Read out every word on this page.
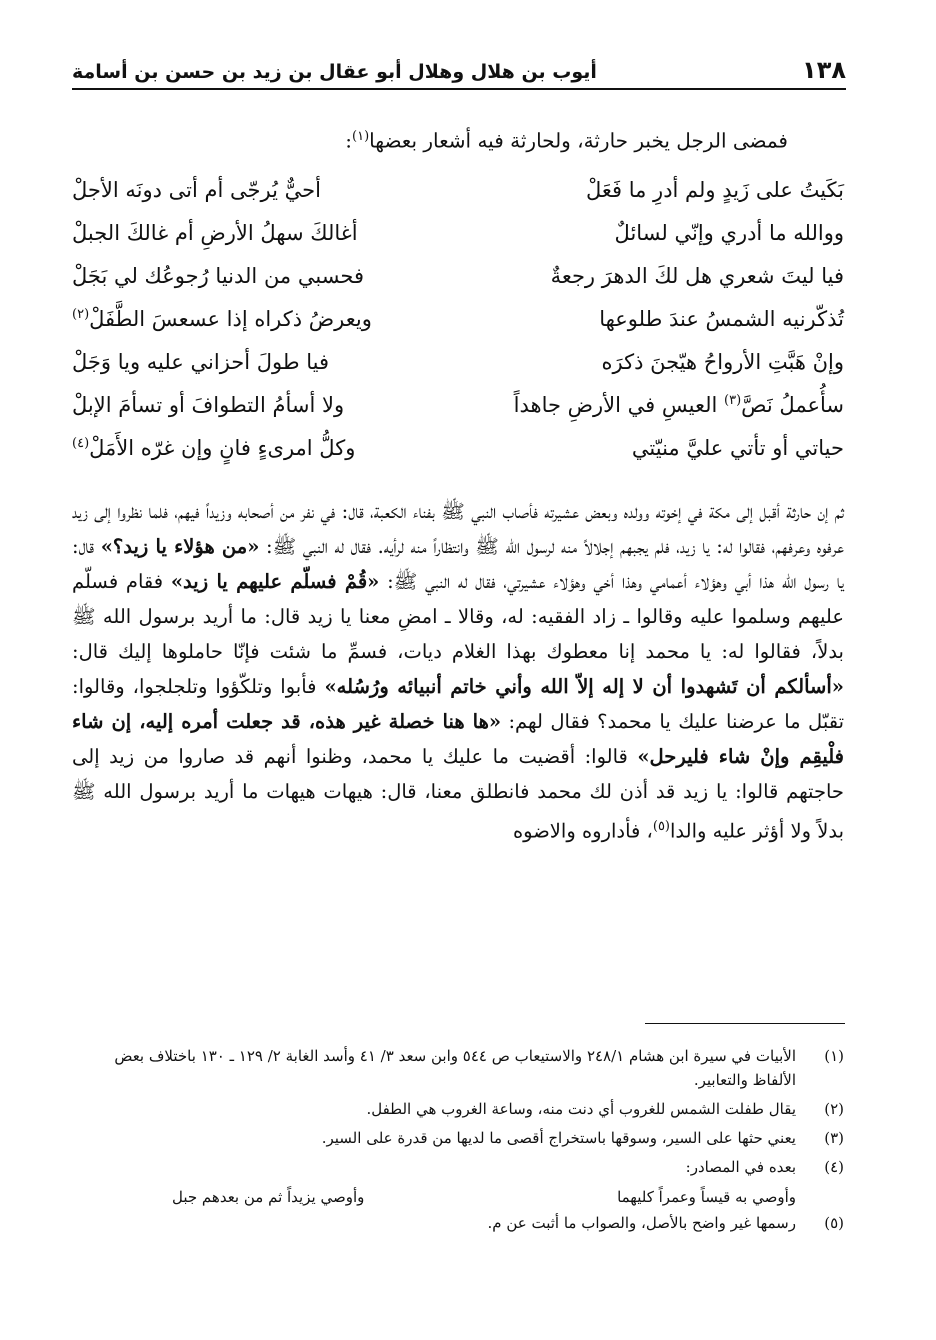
١٣٨
أيوب بن هلال وهلال أبو عقال بن زيد بن حسن بن أسامة
فمضى الرجل يخبر حارثة، ولحارثة فيه أشعار بعضها$^{(١)}$:
بَكَيتُ على زَيدٍ ولم أدرِ ما فَعَلْ
أحيٌّ يُرجّى أم أتى دونَه الأجلْ
ووالله ما أدري وإنّي لسائلٌ
أغالكَ سهلُ الأرضِ أم غالكَ الجبلْ
فيا ليتَ شعري هل لكَ الدهرَ رجعةٌ
فحسبي من الدنيا رُجوعُك لي بَجَلْ
تُذكّرنيه الشمسُ عندَ طلوعها
ويعرضُ ذكراه إذا عسعسَ الطَّفَلْ$^{(٢)}$
وإنْ هَبَّتِ الأرواحُ هيّجنَ ذكرَه
فيا طولَ أحزاني عليه ويا وَجَلْ
سأُعملُ نَصَّ$^{(٣)}$ العيسِ في الأرضِ جاهداً
ولا أسأمُ التطوافَ أو تسأمَ الإبلْ
حياتي أو تأتي عليَّ منيّتي
وكلُّ امرىءٍ فانٍ وإن غرّه الأَمَلْ$^{(٤)}$

ثم إن حارثة أقبل إلى مكة في إخوته وولده وبعض عشيرته فأصاب النبي ﷺ بفناء الكعبة، قال: في نفر من أصحابه وزيداً فيهم، فلما نظروا إلى زيد عرفوه وعرفهم، فقالوا له: يا زيد، فلم يجبهم إجلالاً منه لرسول الله ﷺ وانتظاراً منه لرأيه. فقال له النبي ﷺ: «من هؤلاء يا زيد؟» قال: يا رسول الله هذا أبي وهؤلاء أعمامي وهذا أخي وهؤلاء عشيرتي، فقال له النبي ﷺ: «قُمْ فسلّم عليهم يا زيد» فقام فسلّم عليهم وسلموا عليه وقالوا ـ زاد الفقيه: له، وقالا ـ امضِ معنا يا زيد قال: ما أريد برسول الله ﷺ بدلاً، فقالوا له: يا محمد إنا معطوك بهذا الغلام ديات، فسمِّ ما شئت فإنّا حاملوها إليك قال: «أسألكم أن تَشهدوا أن لا إله إلاّ الله وأني خاتم أنبيائه ورُسُله» فأبوا وتلكّؤوا وتلجلجوا، وقالوا: تقبّل ما عرضنا عليك يا محمد؟ فقال لهم: «ها هنا خصلة غير هذه، قد جعلت أمره إليه، إن شاء فلْيقِم وإنْ شاء فليرحل» قالوا: أقضيت ما عليك يا محمد، وظنوا أنهم قد صاروا من زيد إلى حاجتهم قالوا: يا زيد قد أذن لك محمد فانطلق معنا، قال: هيهات هيهات ما أريد برسول الله ﷺ بدلاً ولا أؤثر عليه والدا$^{(٥)}$، فأداروه والاضوه

(١)
الأبيات في سيرة ابن هشام ٢٤٨/١ والاستيعاب ص ٥٤٤ وابن سعد ٣/ ٤١ وأسد الغابة ٢/ ١٢٩ ـ ١٣٠ باختلاف بعض الألفاظ والتعابير.
(٢)
يقال طفلت الشمس للغروب أي دنت منه، وساعة الغروب هي الطفل.
(٣)
يعني حثها على السير، وسوقها باستخراج أقصى ما لديها من قدرة على السير.
(٤)
بعده في المصادر:
وأوصي به قيساً وعمراً كليهما
وأوصي يزيداً ثم من بعدهم جبل
(٥)
رسمها غير واضح بالأصل، والصواب ما أثبت عن م.
